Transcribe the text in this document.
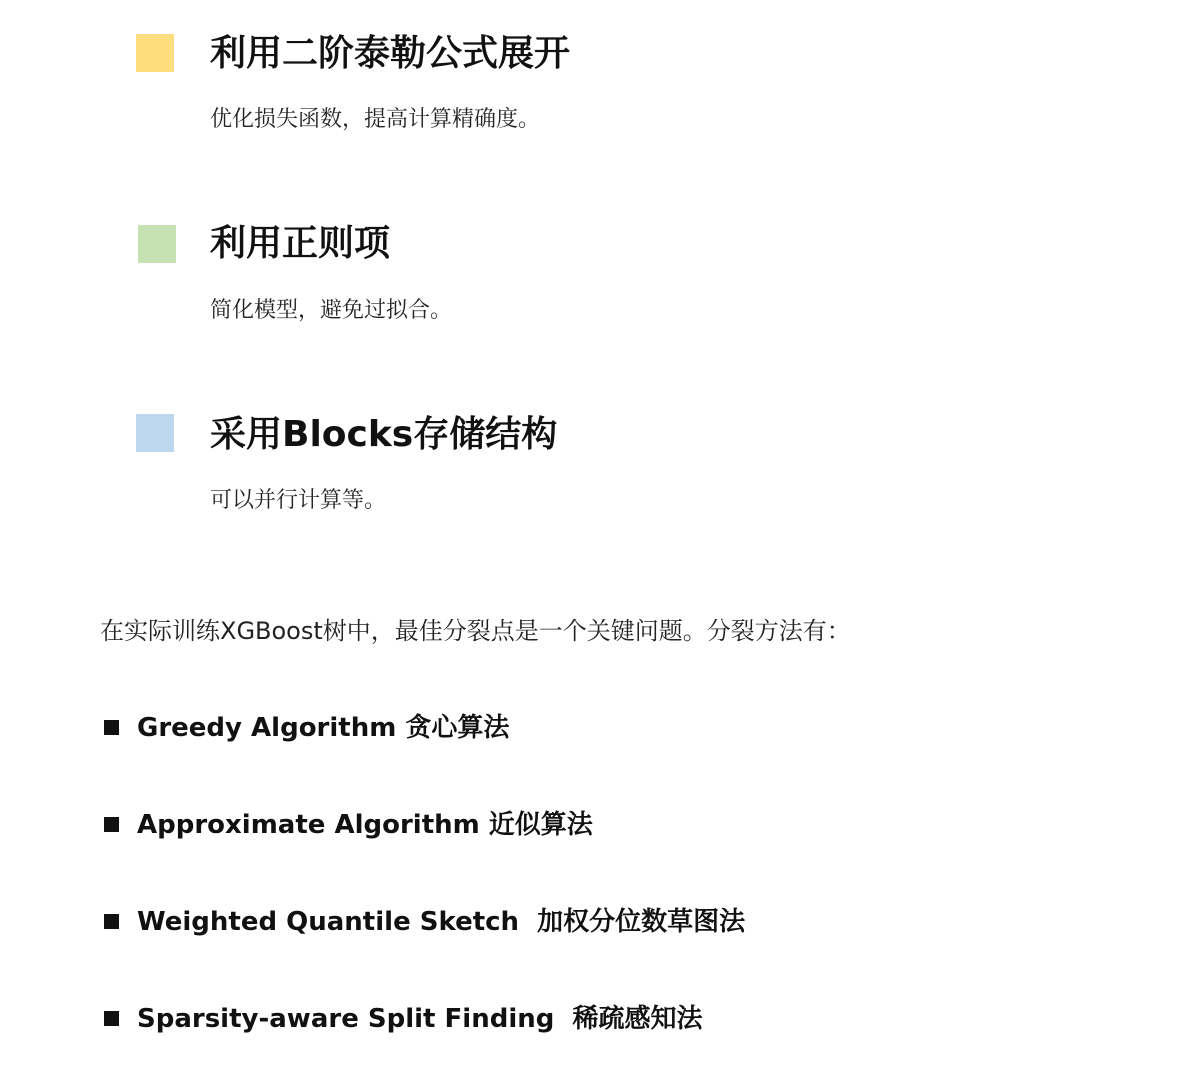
利用二阶泰勒公式展开
优化损失函数，提高计算精确度。
利用正则项
简化模型，避免过拟合。
采用Blocks存储结构
可以并行计算等。
在实际训练XGBoost树中，最佳分裂点是一个关键问题。分裂方法有：
Greedy Algorithm 贪心算法
Approximate Algorithm 近似算法
Weighted Quantile Sketch  加权分位数草图法
Sparsity-aware Split Finding  稀疏感知法
